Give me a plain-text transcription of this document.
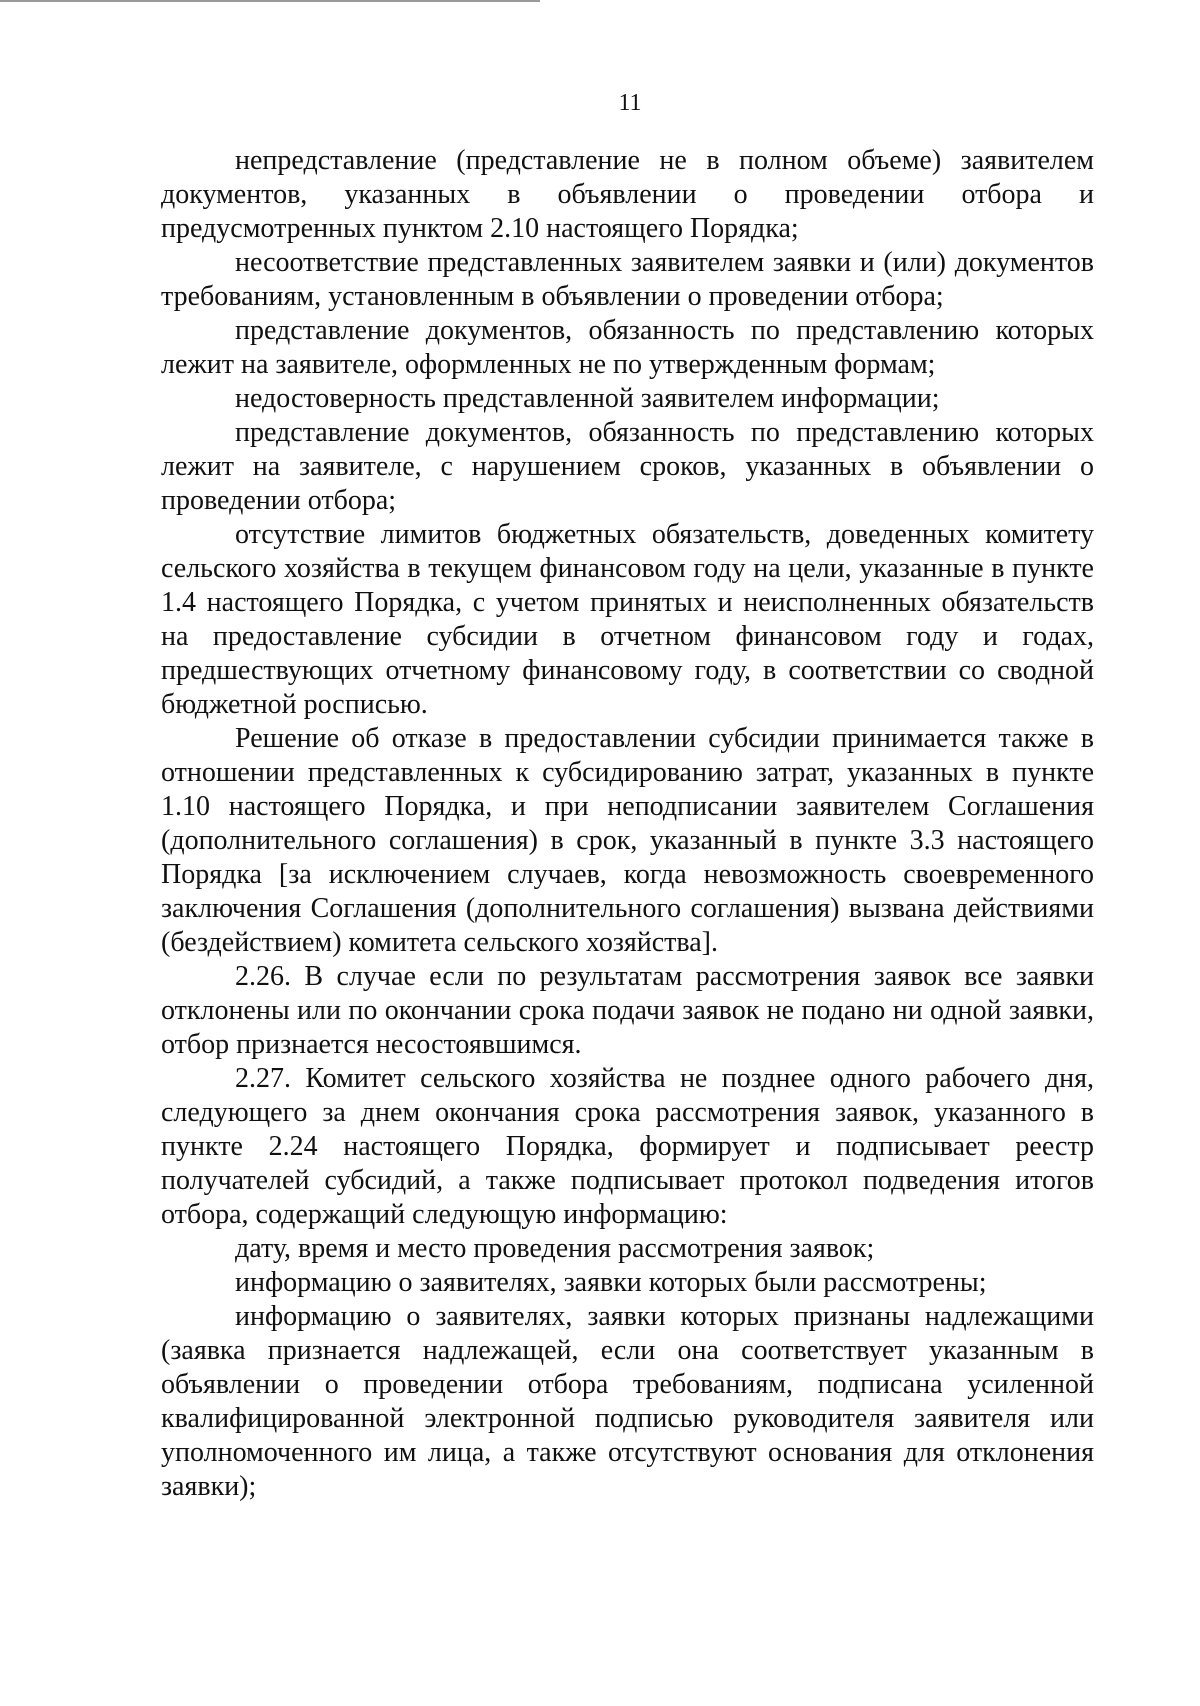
11

непредставление (представление не в полном объеме) заявителем документов, указанных в объявлении о проведении отбора и предусмотренных пунктом 2.10 настоящего Порядка;

несоответствие представленных заявителем заявки и (или) документов требованиям, установленным в объявлении о проведении отбора;

представление документов, обязанность по представлению которых лежит на заявителе, оформленных не по утвержденным формам;

недостоверность представленной заявителем информации;

представление документов, обязанность по представлению которых лежит на заявителе, с нарушением сроков, указанных в объявлении о проведении отбора;

отсутствие лимитов бюджетных обязательств, доведенных комитету сельского хозяйства в текущем финансовом году на цели, указанные в пункте 1.4 настоящего Порядка, с учетом принятых и неисполненных обязательств на предоставление субсидии в отчетном финансовом году и годах, предшествующих отчетному финансовому году, в соответствии со сводной бюджетной росписью.

Решение об отказе в предоставлении субсидии принимается также в отношении представленных к субсидированию затрат, указанных в пункте 1.10 настоящего Порядка, и при неподписании заявителем Соглашения (дополнительного соглашения) в срок, указанный в пункте 3.3 настоящего Порядка [за исключением случаев, когда невозможность своевременного заключения Соглашения (дополнительного соглашения) вызвана действиями (бездействием) комитета сельского хозяйства].

2.26. В случае если по результатам рассмотрения заявок все заявки отклонены или по окончании срока подачи заявок не подано ни одной заявки, отбор признается несостоявшимся.

2.27. Комитет сельского хозяйства не позднее одного рабочего дня, следующего за днем окончания срока рассмотрения заявок, указанного в пункте 2.24 настоящего Порядка, формирует и подписывает реестр получателей субсидий, а также подписывает протокол подведения итогов отбора, содержащий следующую информацию:

дату, время и место проведения рассмотрения заявок;

информацию о заявителях, заявки которых были рассмотрены;

информацию о заявителях, заявки которых признаны надлежащими (заявка признается надлежащей, если она соответствует указанным в объявлении о проведении отбора требованиям, подписана усиленной квалифицированной электронной подписью руководителя заявителя или уполномоченного им лица, а также отсутствуют основания для отклонения заявки);
